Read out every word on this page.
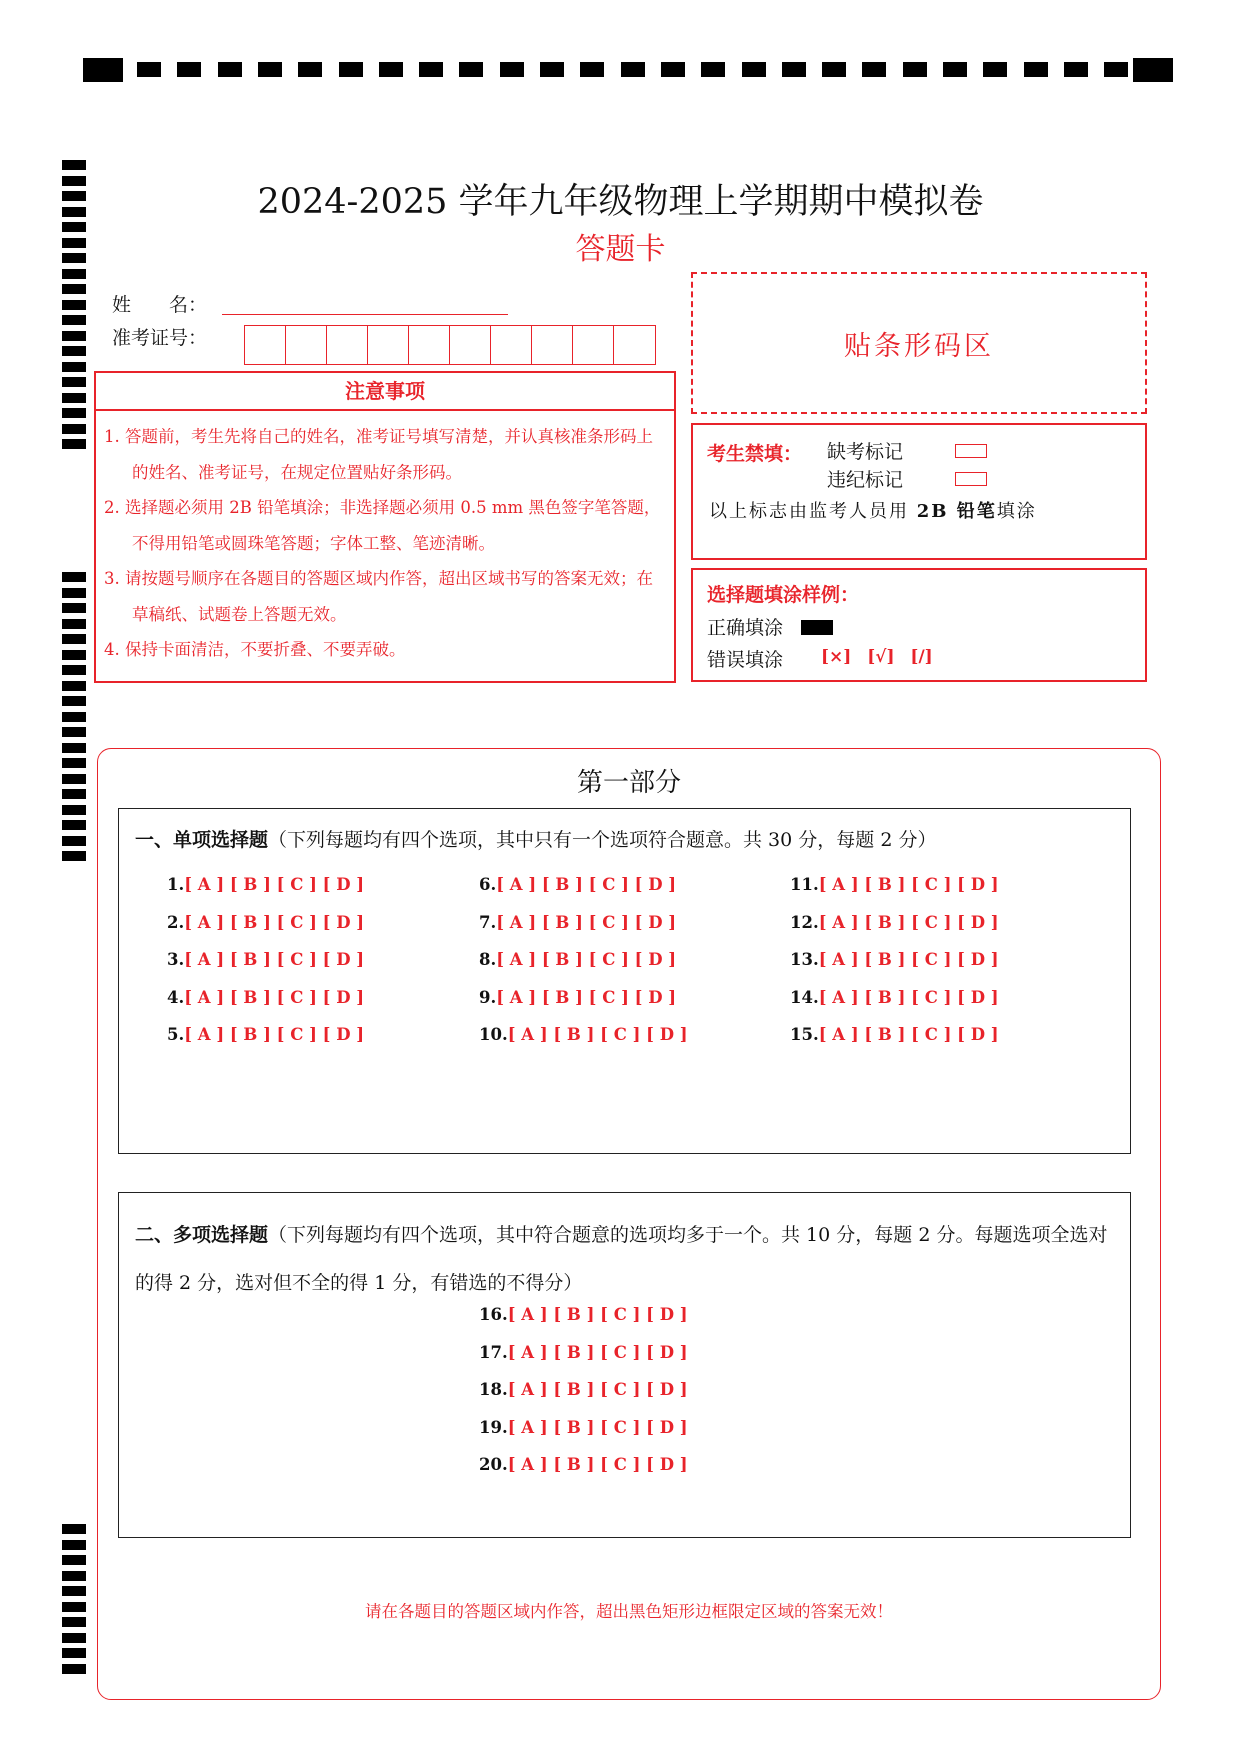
2024-2025 学年九年级物理上学期期中模拟卷
答题卡
姓　　名：
准考证号：
注意事项
1. 答题前，考生先将自己的姓名，准考证号填写清楚，并认真核准条形码上的姓名、准考证号，在规定位置贴好条形码。
2. 选择题必须用 2B 铅笔填涂；非选择题必须用 0.5 mm 黑色签字笔答题，不得用铅笔或圆珠笔答题；字体工整、笔迹清晰。
3. 请按题号顺序在各题目的答题区域内作答，超出区域书写的答案无效；在草稿纸、试题卷上答题无效。
4. 保持卡面清洁，不要折叠、不要弄破。
贴条形码区
考生禁填： 缺考标记
违纪标记
以上标志由监考人员用 2B 铅笔填涂
选择题填涂样例：
正确填涂
错误填涂 [×] [√] [/]
第一部分
一、单项选择题（下列每题均有四个选项，其中只有一个选项符合题意。共 30 分，每题 2 分）
1.[ A ] [ B ] [ C ] [ D ]
2.[ A ] [ B ] [ C ] [ D ]
3.[ A ] [ B ] [ C ] [ D ]
4.[ A ] [ B ] [ C ] [ D ]
5.[ A ] [ B ] [ C ] [ D ]
6.[ A ] [ B ] [ C ] [ D ]
7.[ A ] [ B ] [ C ] [ D ]
8.[ A ] [ B ] [ C ] [ D ]
9.[ A ] [ B ] [ C ] [ D ]
10.[ A ] [ B ] [ C ] [ D ]
11.[ A ] [ B ] [ C ] [ D ]
12.[ A ] [ B ] [ C ] [ D ]
13.[ A ] [ B ] [ C ] [ D ]
14.[ A ] [ B ] [ C ] [ D ]
15.[ A ] [ B ] [ C ] [ D ]
二、多项选择题（下列每题均有四个选项，其中符合题意的选项均多于一个。共 10 分，每题 2 分。每题选项全选对的得 2 分，选对但不全的得 1 分，有错选的不得分）
16.[ A ] [ B ] [ C ] [ D ]
17.[ A ] [ B ] [ C ] [ D ]
18.[ A ] [ B ] [ C ] [ D ]
19.[ A ] [ B ] [ C ] [ D ]
20.[ A ] [ B ] [ C ] [ D ]
请在各题目的答题区域内作答，超出黑色矩形边框限定区域的答案无效！
